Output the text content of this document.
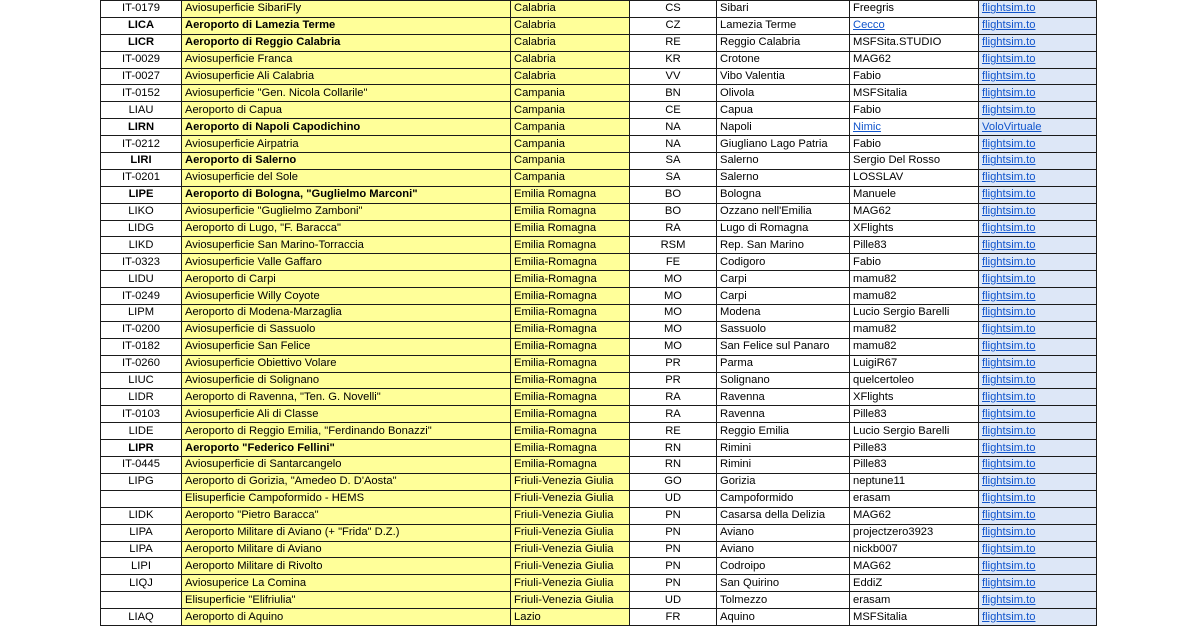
IT-0179	Aviosuperficie SibariFly	Calabria	CS	Sibari	Freegris	flightsim.to
LICA	Aeroporto di Lamezia Terme	Calabria	CZ	Lamezia Terme	Cecco	flightsim.to
LICR	Aeroporto di Reggio Calabria	Calabria	RE	Reggio Calabria	MSFSita.STUDIO	flightsim.to
IT-0029	Aviosuperficie Franca	Calabria	KR	Crotone	MAG62	flightsim.to
IT-0027	Aviosuperficie Ali Calabria	Calabria	VV	Vibo Valentia	Fabio	flightsim.to
IT-0152	Aviosuperficie "Gen. Nicola Collarile"	Campania	BN	Olivola	MSFSitalia	flightsim.to
LIAU	Aeroporto di Capua	Campania	CE	Capua	Fabio	flightsim.to
LIRN	Aeroporto di Napoli Capodichino	Campania	NA	Napoli	Nimic	VoloVirtuale
IT-0212	Aviosuperficie Airpatria	Campania	NA	Giugliano Lago Patria	Fabio	flightsim.to
LIRI	Aeroporto di Salerno	Campania	SA	Salerno	Sergio Del Rosso	flightsim.to
IT-0201	Aviosuperficie del Sole	Campania	SA	Salerno	LOSSLAV	flightsim.to
LIPE	Aeroporto di Bologna, "Guglielmo Marconi"	Emilia Romagna	BO	Bologna	Manuele	flightsim.to
LIKO	Aviosuperficie "Guglielmo Zamboni"	Emilia Romagna	BO	Ozzano nell'Emilia	MAG62	flightsim.to
LIDG	Aeroporto di Lugo, "F. Baracca"	Emilia Romagna	RA	Lugo di Romagna	XFlights	flightsim.to
LIKD	Aviosuperficie San Marino-Torraccia	Emilia Romagna	RSM	Rep. San Marino	Pille83	flightsim.to
IT-0323	Aviosuperficie Valle Gaffaro	Emilia-Romagna	FE	Codigoro	Fabio	flightsim.to
LIDU	Aeroporto di Carpi	Emilia-Romagna	MO	Carpi	mamu82	flightsim.to
IT-0249	Aviosuperficie Willy Coyote	Emilia-Romagna	MO	Carpi	mamu82	flightsim.to
LIPM	Aeroporto di Modena-Marzaglia	Emilia-Romagna	MO	Modena	Lucio Sergio Barelli	flightsim.to
IT-0200	Aviosuperficie di Sassuolo	Emilia-Romagna	MO	Sassuolo	mamu82	flightsim.to
IT-0182	Aviosuperficie San Felice	Emilia-Romagna	MO	San Felice sul Panaro	mamu82	flightsim.to
IT-0260	Aviosuperficie Obiettivo Volare	Emilia-Romagna	PR	Parma	LuigiR67	flightsim.to
LIUC	Aviosuperficie di Solignano	Emilia-Romagna	PR	Solignano	quelcertoleo	flightsim.to
LIDR	Aeroporto di Ravenna, "Ten. G. Novelli"	Emilia-Romagna	RA	Ravenna	XFlights	flightsim.to
IT-0103	Aviosuperficie Ali di Classe	Emilia-Romagna	RA	Ravenna	Pille83	flightsim.to
LIDE	Aeroporto di Reggio Emilia, "Ferdinando Bonazzi"	Emilia-Romagna	RE	Reggio Emilia	Lucio Sergio Barelli	flightsim.to
LIPR	Aeroporto "Federico Fellini"	Emilia-Romagna	RN	Rimini	Pille83	flightsim.to
IT-0445	Aviosuperficie di Santarcangelo	Emilia-Romagna	RN	Rimini	Pille83	flightsim.to
LIPG	Aeroporto di Gorizia, "Amedeo D. D'Aosta"	Friuli-Venezia Giulia	GO	Gorizia	neptune11	flightsim.to
	Elisuperficie Campoformido - HEMS	Friuli-Venezia Giulia	UD	Campoformido	erasam	flightsim.to
LIDK	Aeroporto "Pietro Baracca"	Friuli-Venezia Giulia	PN	Casarsa della Delizia	MAG62	flightsim.to
LIPA	Aeroporto Militare di Aviano (+ "Frida" D.Z.)	Friuli-Venezia Giulia	PN	Aviano	projectzero3923	flightsim.to
LIPA	Aeroporto Militare di Aviano	Friuli-Venezia Giulia	PN	Aviano	nickb007	flightsim.to
LIPI	Aeroporto Militare di Rivolto	Friuli-Venezia Giulia	PN	Codroipo	MAG62	flightsim.to
LIQJ	Aviosuperice La Comina	Friuli-Venezia Giulia	PN	San Quirino	EddiZ	flightsim.to
	Elisuperficie "Elifriulia"	Friuli-Venezia Giulia	UD	Tolmezzo	erasam	flightsim.to
LIAQ	Aeroporto di Aquino	Lazio	FR	Aquino	MSFSitalia	flightsim.to
